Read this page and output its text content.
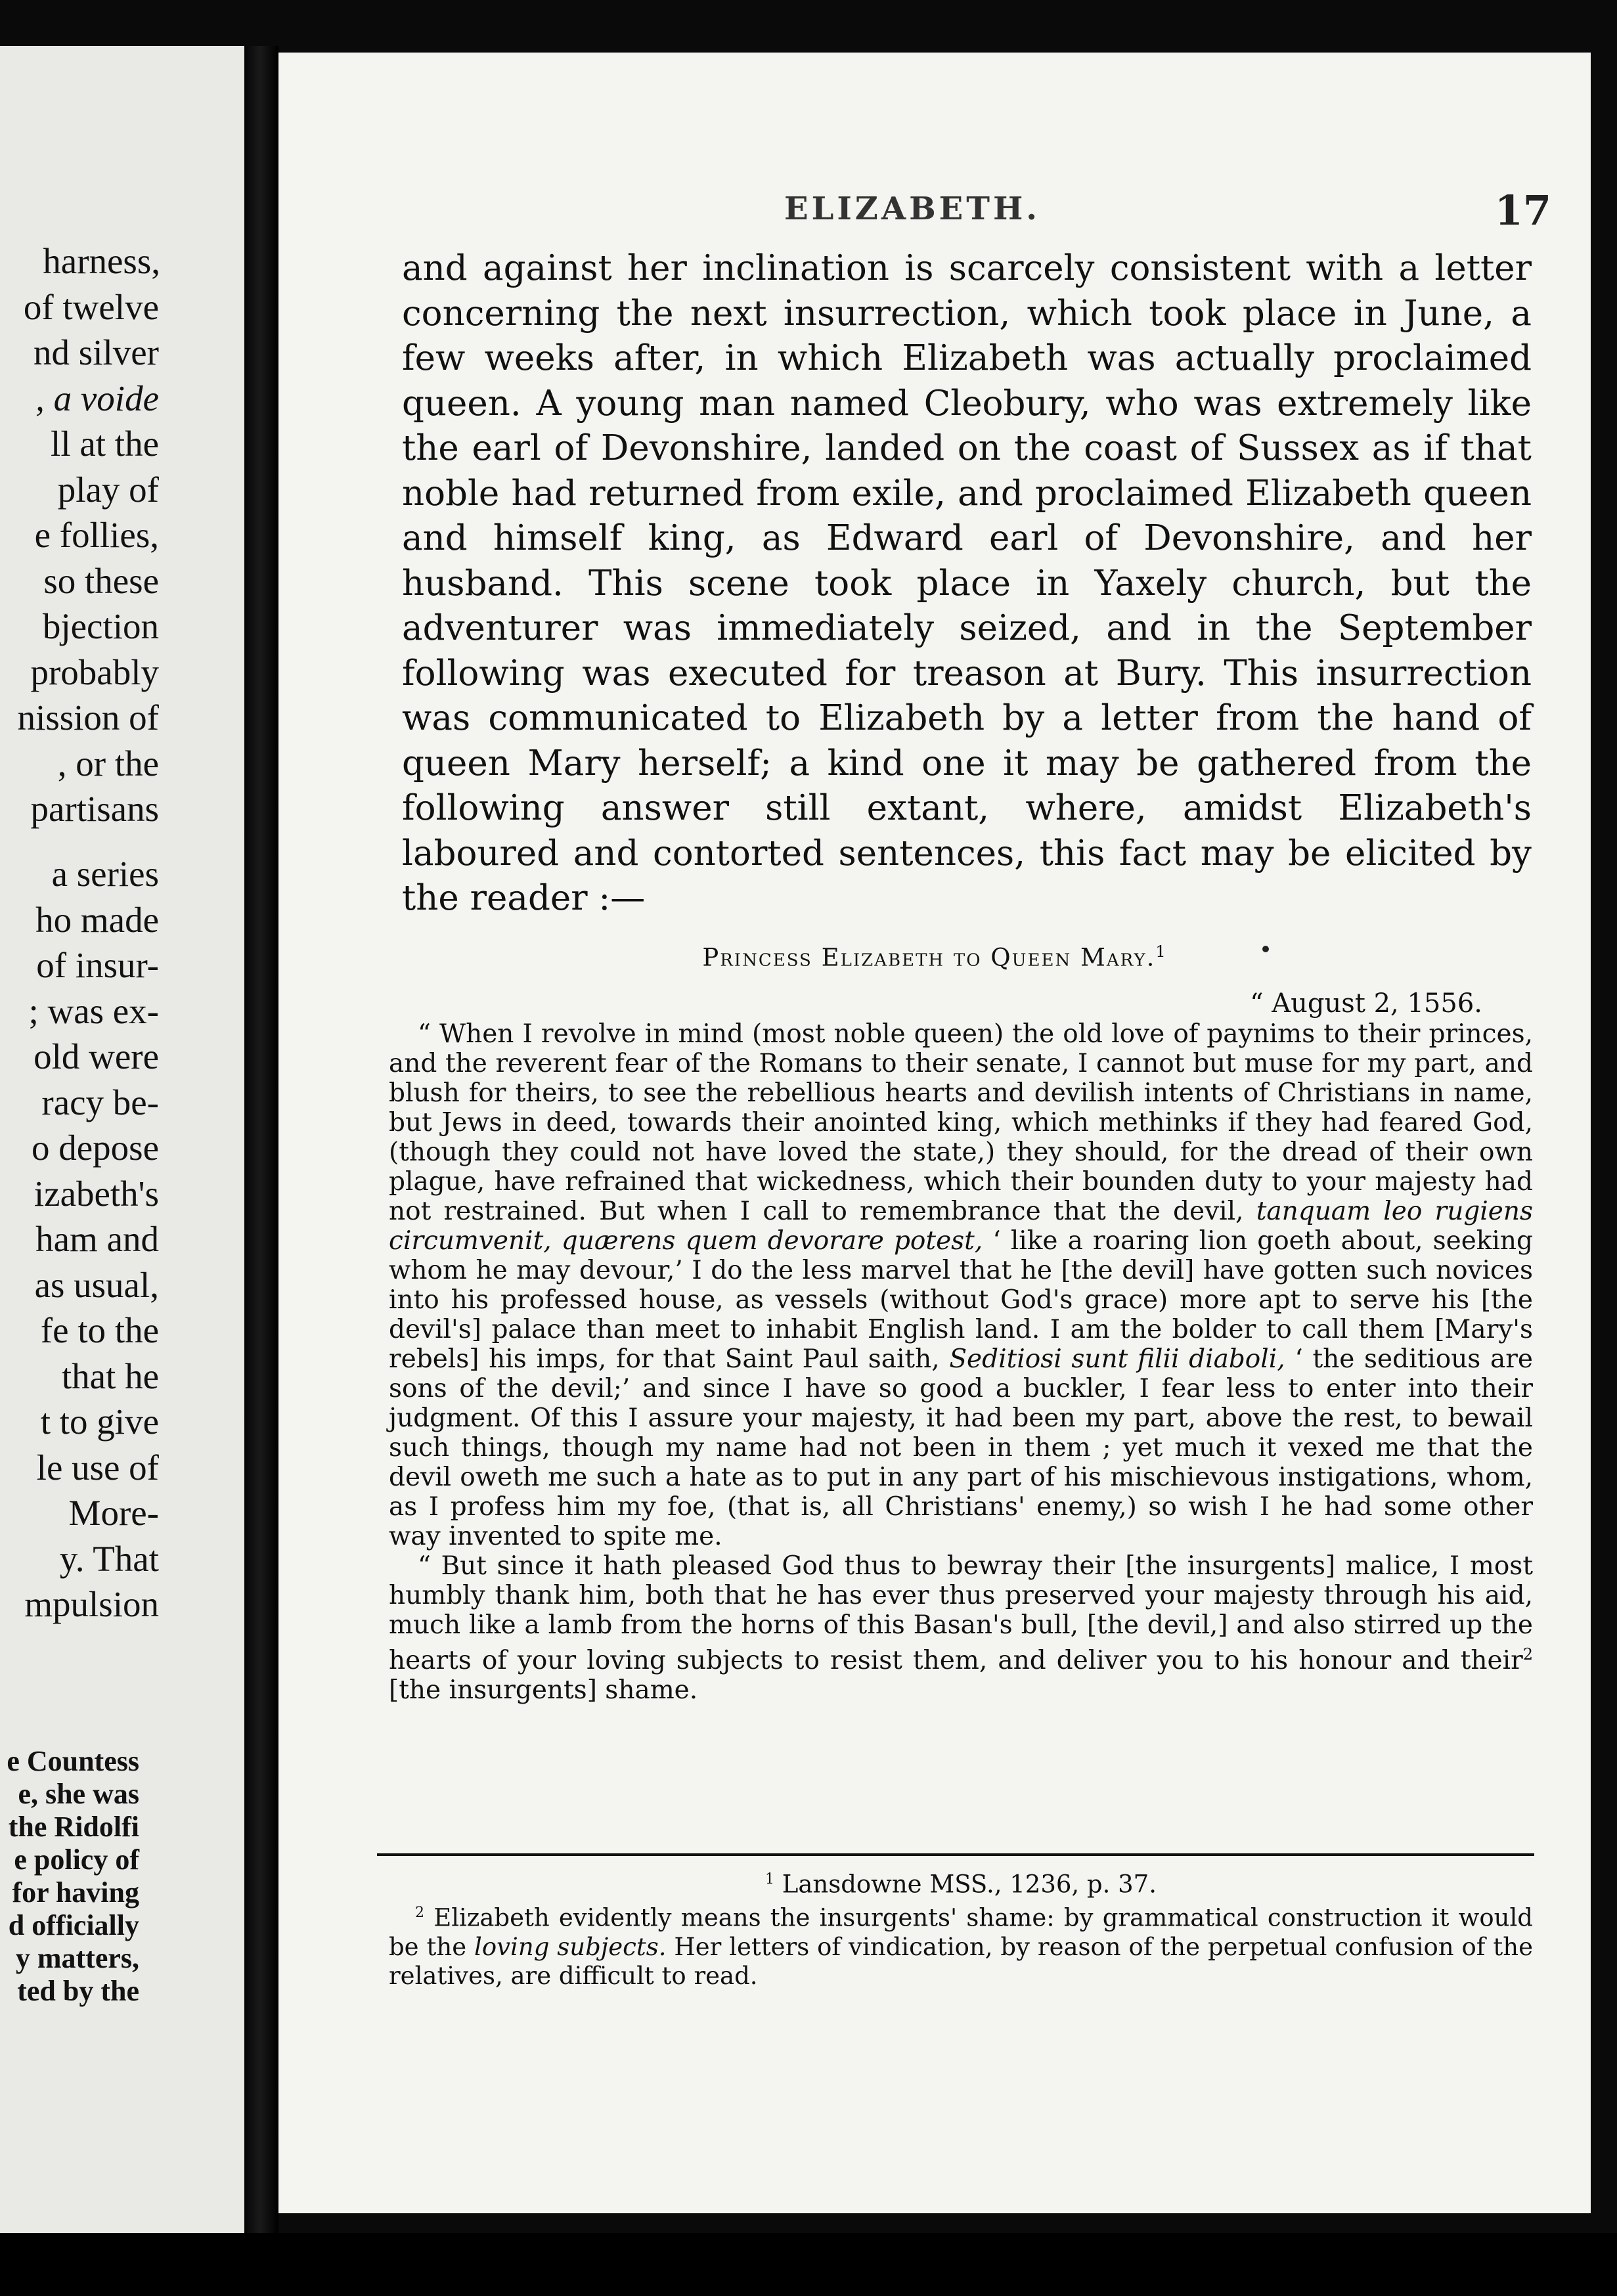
harness,
of twelve
nd silver
, a voide
ll at the
play of
e follies,
so these
bjection
probably
nission of
, or the
partisans
a series
ho made
of insur-
; was ex-
old were
racy be-
o depose
izabeth's
ham and
as usual,
fe to the
that he
t to give
le use of
More-
y. That
mpulsion
e Countess
e, she was
the Ridolfi
e policy of
for having
d officially
y matters,
ted by the
ELIZABETH.	17

and against her inclination is scarcely consistent with a letter concerning the next insurrection, which took place in June, a few weeks after, in which Elizabeth was actually proclaimed queen. A young man named Cleobury, who was extremely like the earl of Devonshire, landed on the coast of Sussex as if that noble had returned from exile, and proclaimed Elizabeth queen and himself king, as Edward earl of Devonshire, and her husband. This scene took place in Yaxely church, but the adventurer was immediately seized, and in the September following was executed for treason at Bury. This insurrection was communicated to Elizabeth by a letter from the hand of queen Mary herself; a kind one it may be gathered from the following answer still extant, where, amidst Elizabeth's laboured and contorted sentences, this fact may be elicited by the reader :—

Princess Elizabeth to Queen Mary.$^1$
“ August 2, 1556.

“ When I revolve in mind (most noble queen) the old love of paynims to their princes, and the reverent fear of the Romans to their senate, I cannot but muse for my part, and blush for theirs, to see the rebellious hearts and devilish intents of Christians in name, but Jews in deed, towards their anointed king, which methinks if they had feared God, (though they could not have loved the state,) they should, for the dread of their own plague, have refrained that wickedness, which their bounden duty to your majesty had not restrained. But when I call to remembrance that the devil, tanquam leo rugiens circumvenit, quærens quem devorare potest, ‘ like a roaring lion goeth about, seeking whom he may devour,’ I do the less marvel that he [the devil] have gotten such novices into his professed house, as vessels (without God's grace) more apt to serve his [the devil's] palace than meet to inhabit English land. I am the bolder to call them [Mary's rebels] his imps, for that Saint Paul saith, Seditiosi sunt filii diaboli, ‘ the seditious are sons of the devil;’ and since I have so good a buckler, I fear less to enter into their judgment. Of this I assure your majesty, it had been my part, above the rest, to bewail such things, though my name had not been in them ; yet much it vexed me that the devil oweth me such a hate as to put in any part of his mischievous instigations, whom, as I profess him my foe, (that is, all Christians' enemy,) so wish I he had some other way invented to spite me.

“ But since it hath pleased God thus to bewray their [the insurgents] malice, I most humbly thank him, both that he has ever thus preserved your majesty through his aid, much like a lamb from the horns of this Basan's bull, [the devil,] and also stirred up the hearts of your loving subjects to resist them, and deliver you to his honour and their$^2$ [the insurgents] shame.

$^1$ Lansdowne MSS., 1236, p. 37.

$^2$ Elizabeth evidently means the insurgents' shame: by grammatical construction it would be the loving subjects. Her letters of vindication, by reason of the perpetual confusion of the relatives, are difficult to read.
